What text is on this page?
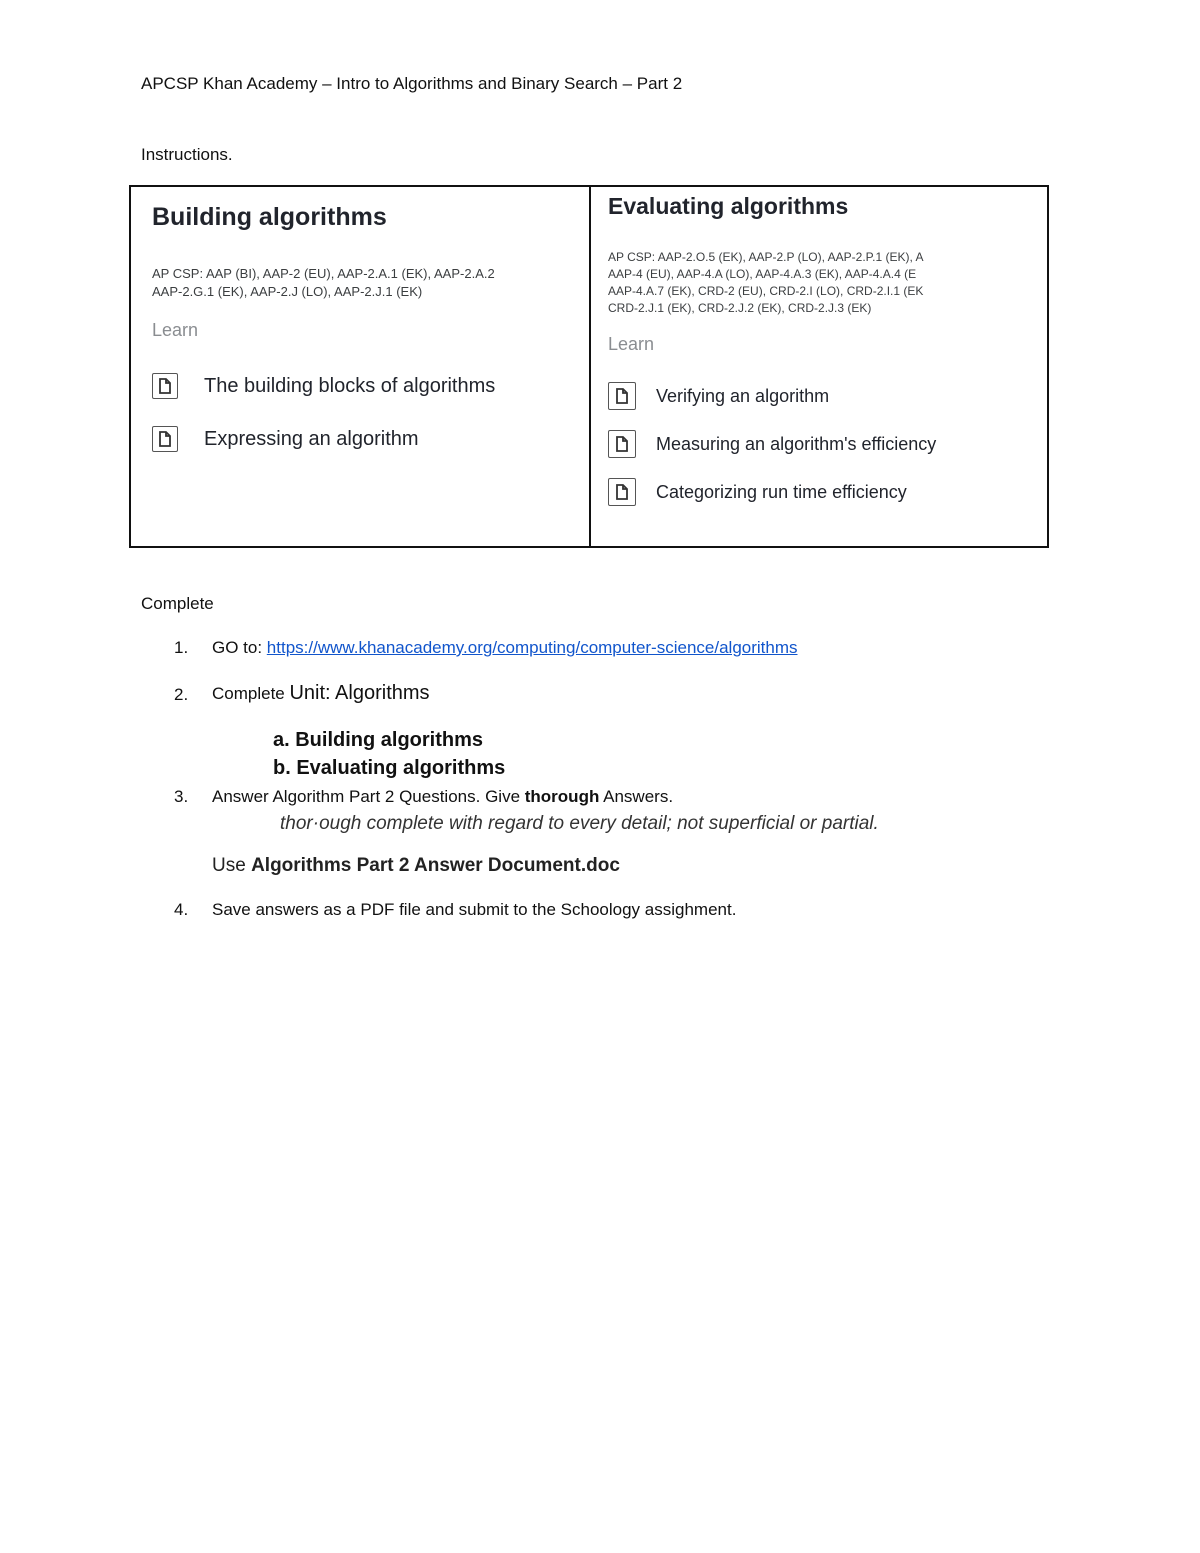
APCSP Khan Academy – Intro to Algorithms and Binary Search – Part 2
Instructions.
Building algorithms
AP CSP: AAP (BI), AAP-2 (EU), AAP-2.A.1 (EK), AAP-2.A.2
AAP-2.G.1 (EK), AAP-2.J (LO), AAP-2.J.1 (EK)
Learn
The building blocks of algorithms
Expressing an algorithm
Evaluating algorithms
AP CSP: AAP-2.O.5 (EK), AAP-2.P (LO), AAP-2.P.1 (EK), A
AAP-4 (EU), AAP-4.A (LO), AAP-4.A.3 (EK), AAP-4.A.4 (E
AAP-4.A.7 (EK), CRD-2 (EU), CRD-2.I (LO), CRD-2.I.1 (EK
CRD-2.J.1 (EK), CRD-2.J.2 (EK), CRD-2.J.3 (EK)
Learn
Verifying an algorithm
Measuring an algorithm's efficiency
Categorizing run time efficiency
Complete
1. GO to: https://www.khanacademy.org/computing/computer-science/algorithms
2. Complete Unit: Algorithms
a. Building algorithms
b. Evaluating algorithms
3. Answer Algorithm Part 2 Questions. Give thorough Answers.
thor·ough complete with regard to every detail; not superficial or partial.
Use Algorithms Part 2 Answer Document.doc
4. Save answers as a PDF file and submit to the Schoology assighment.
